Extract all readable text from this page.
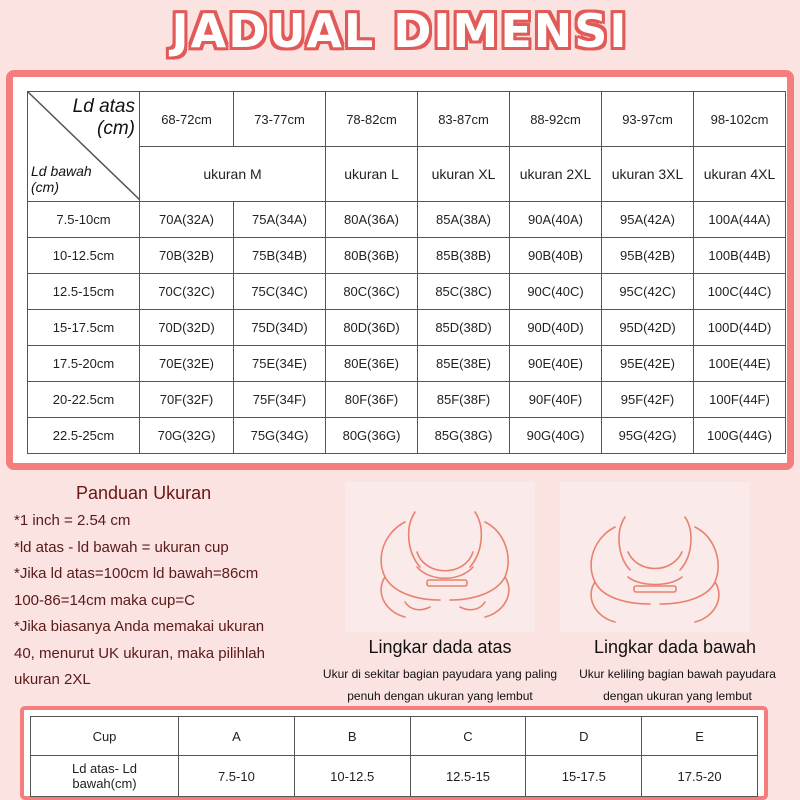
JADUAL DIMENSI
Ld atas
(cm)
Ld bawah
(cm)	68-72cm	73-77cm	78-82cm	83-87cm	88-92cm	93-97cm	98-102cm
	ukuran M		ukuran L	ukuran XL	ukuran 2XL	ukuran 3XL	ukuran 4XL
7.5-10cm	70A(32A)	75A(34A)	80A(36A)	85A(38A)	90A(40A)	95A(42A)	100A(44A)
10-12.5cm	70B(32B)	75B(34B)	80B(36B)	85B(38B)	90B(40B)	95B(42B)	100B(44B)
12.5-15cm	70C(32C)	75C(34C)	80C(36C)	85C(38C)	90C(40C)	95C(42C)	100C(44C)
15-17.5cm	70D(32D)	75D(34D)	80D(36D)	85D(38D)	90D(40D)	95D(42D)	100D(44D)
17.5-20cm	70E(32E)	75E(34E)	80E(36E)	85E(38E)	90E(40E)	95E(42E)	100E(44E)
20-22.5cm	70F(32F)	75F(34F)	80F(36F)	85F(38F)	90F(40F)	95F(42F)	100F(44F)
22.5-25cm	70G(32G)	75G(34G)	80G(36G)	85G(38G)	90G(40G)	95G(42G)	100G(44G)
Panduan Ukuran
*1 inch = 2.54 cm
*ld atas - ld bawah = ukuran cup
*Jika ld atas=100cm ld bawah=86cm
100-86=14cm maka cup=C
*Jika biasanya Anda memakai ukuran
40, menurut UK ukuran, maka pilihlah
ukuran 2XL
Lingkar dada atas
Ukur di sekitar bagian payudara yang paling
penuh dengan ukuran yang lembut
Lingkar dada bawah
Ukur keliling bagian bawah payudara
dengan ukuran yang lembut
Cup	A	B	C	D	E

Ld atas- Ld
bawah(cm)	7.5-10	10-12.5	12.5-15	15-17.5	17.5-20
